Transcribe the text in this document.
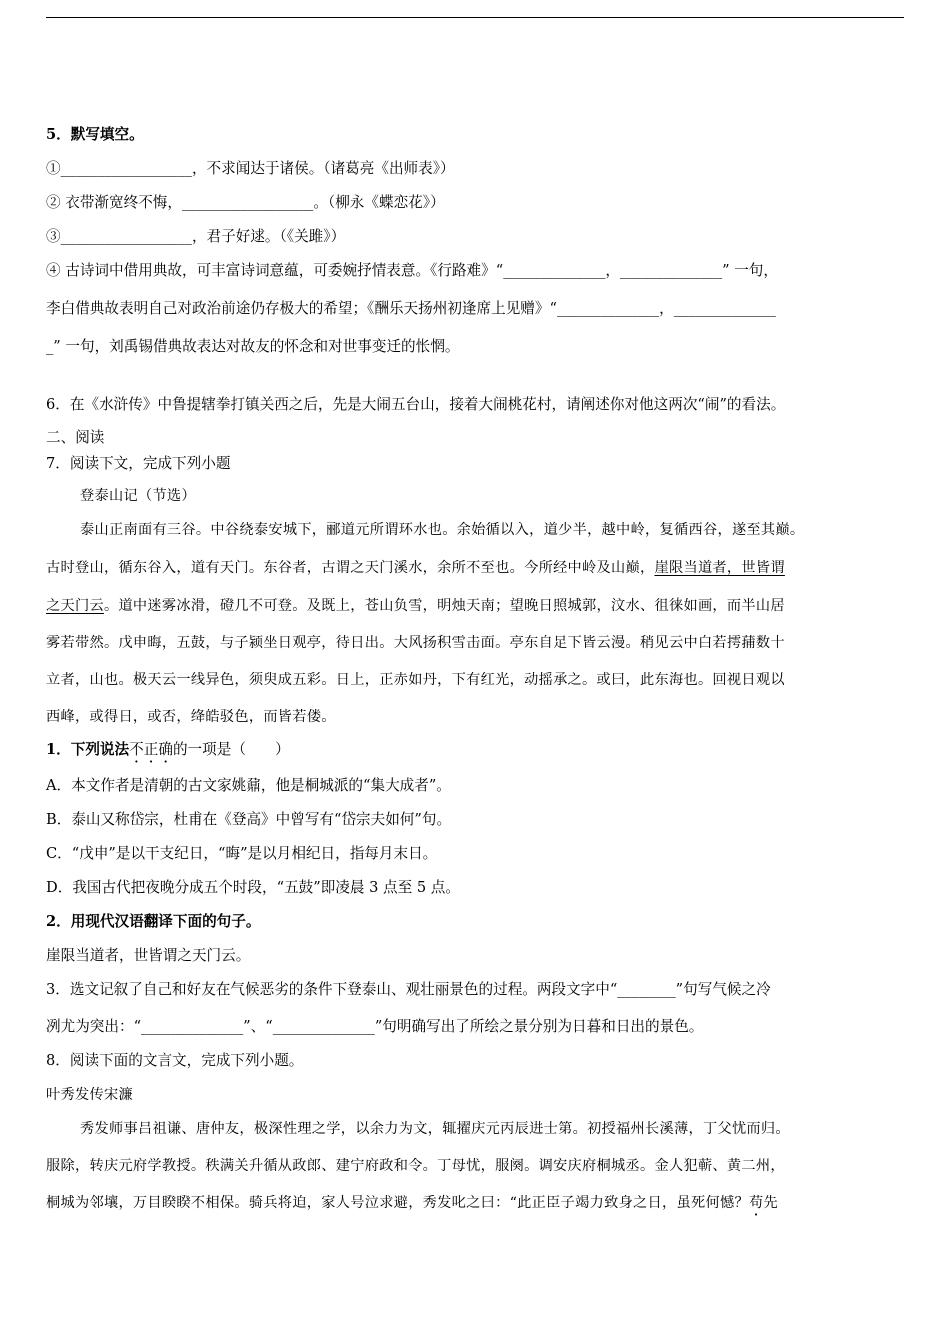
5．默写填空。
①__________________，不求闻达于诸侯。（诸葛亮《出师表》）
② 衣带渐宽终不悔，__________________。（柳永《蝶恋花》）
③__________________，君子好逑。（《关雎》）
④ 古诗词中借用典故，可丰富诗词意蕴，可委婉抒情表意。《行路难》“______________，______________” 一句，
李白借典故表明自己对政治前途仍存极大的希望；《酬乐天扬州初逢席上见赠》“______________，______________
_” 一句，刘禹锡借典故表达对故友的怀念和对世事变迁的怅惘。
6．在《水浒传》中鲁提辖拳打镇关西之后，先是大闹五台山，接着大闹桃花村，请阐述你对他这两次“闹”的看法。
二、阅读
7．阅读下文，完成下列小题
登泰山记（节选）
泰山正南面有三谷。中谷绕泰安城下，郦道元所谓环水也。余始循以入，道少半，越中岭，复循西谷，遂至其巅。
古时登山，循东谷入，道有天门。东谷者，古谓之天门溪水，余所不至也。今所经中岭及山巅，崖限当道者，世皆谓
之天门云。道中迷雾冰滑，磴几不可登。及既上，苍山负雪，明烛天南；望晚日照城郭，汶水、徂徕如画，而半山居
雾若带然。戊申晦，五鼓，与子颍坐日观亭，待日出。大风扬积雪击面。亭东自足下皆云漫。稍见云中白若摴蒱数十
立者，山也。极天云一线异色，须臾成五彩。日上，正赤如丹，下有红光，动摇承之。或曰，此东海也。回视日观以
西峰，或得日，或否，绛皓驳色，而皆若偻。
1．下列说法不正确的一项是（　　）
A．本文作者是清朝的古文家姚鼐，他是桐城派的“集大成者”。
B．泰山又称岱宗，杜甫在《登高》中曾写有“岱宗夫如何”句。
C．“戊申”是以干支纪日，“晦”是以月相纪日，指每月末日。
D．我国古代把夜晚分成五个时段，“五鼓”即凌晨 3 点至 5 点。
2．用现代汉语翻译下面的句子。
崖限当道者，世皆谓之天门云。
3．选文记叙了自己和好友在气候恶劣的条件下登泰山、观壮丽景色的过程。两段文字中“________”句写气候之冷
冽尤为突出：“______________”、“______________”句明确写出了所绘之景分别为日暮和日出的景色。
8．阅读下面的文言文，完成下列小题。
叶秀发传宋濂
秀发师事吕祖谦、唐仲友，极深性理之学，以余力为文，辄擢庆元丙辰进士第。初授福州长溪薄，丁父忧而归。
服除，转庆元府学教授。秩满关升循从政郎、建宁府政和令。丁母忧，服阕。调安庆府桐城丞。金人犯蕲、黄二州，
桐城为邻壤，万目睽睽不相保。骑兵将迫，家人号泣求避，秀发叱之曰：“此正臣子竭力致身之日，虽死何憾？苟先
